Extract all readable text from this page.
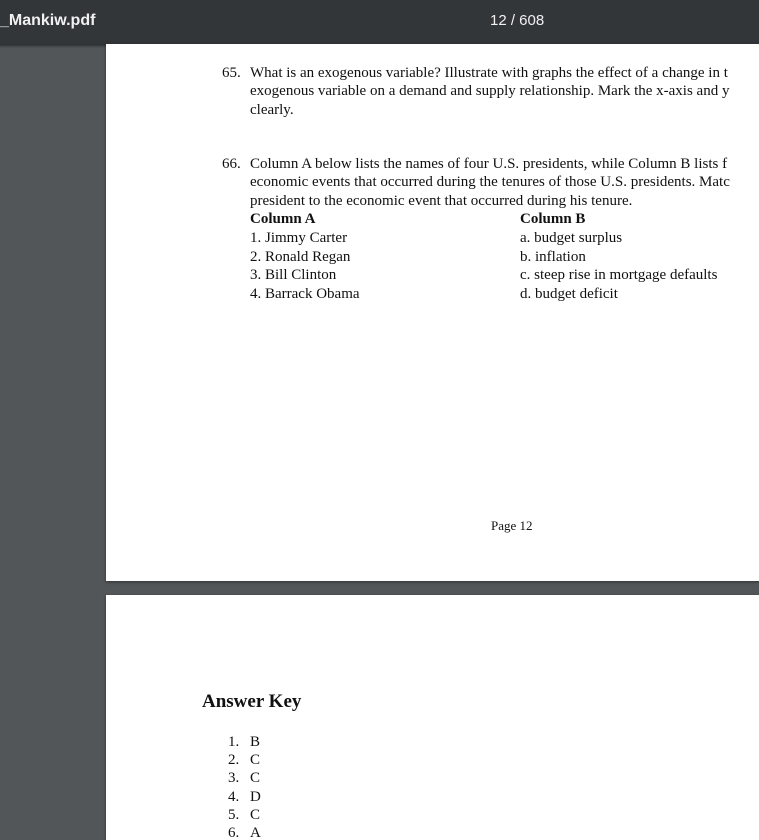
_Mankiw.pdf	12 / 608
65. What is an exogenous variable? Illustrate with graphs the effect of a change in t
exogenous variable on a demand and supply relationship. Mark the x-axis and y
clearly.
66. Column A below lists the names of four U.S. presidents, while Column B lists f
economic events that occurred during the tenures of those U.S. presidents. Matc
president to the economic event that occurred during his tenure.
Column A
1. Jimmy Carter
2. Ronald Regan
3. Bill Clinton
4. Barrack Obama
Column B
a. budget surplus
b. inflation
c. steep rise in mortgage defaults
d. budget deficit
Page 12
Answer Key
1. B
2. C
3. C
4. D
5. C
6. A
